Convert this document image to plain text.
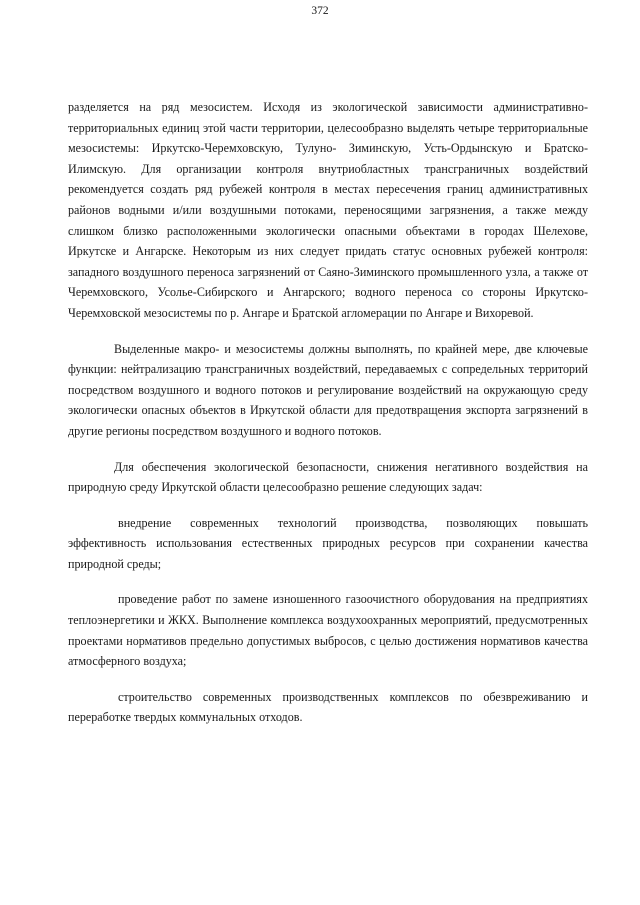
372

разделяется на ряд мезосистем. Исходя из экологической зависимости административно-территориальных единиц этой части территории, целесообразно выделять четыре территориальные мезосистемы: Иркутско-Черемховскую, Тулуно- Зиминскую, Усть-Ордынскую и Братско-Илимскую. Для организации контроля внутриобластных трансграничных воздействий рекомендуется создать ряд рубежей контроля в местах пересечения границ административных районов водными и/или воздушными потоками, переносящими загрязнения, а также между слишком близко расположенными экологически опасными объектами в городах Шелехове, Иркутске и Ангарске. Некоторым из них следует придать статус основных рубежей контроля: западного воздушного переноса загрязнений от Саяно-Зиминского промышленного узла, а также от Черемховского, Усолье-Сибирского и Ангарского; водного переноса со стороны Иркутско-Черемховской мезосистемы по р. Ангаре и Братской агломерации по Ангаре и Вихоревой.

Выделенные макро- и мезосистемы должны выполнять, по крайней мере, две ключевые функции: нейтрализацию трансграничных воздействий, передаваемых с сопредельных территорий посредством воздушного и водного потоков и регулирование воздействий на окружающую среду экологически опасных объектов в Иркутской области для предотвращения экспорта загрязнений в другие регионы посредством воздушного и водного потоков.

Для обеспечения экологической безопасности, снижения негативного воздействия на природную среду Иркутской области целесообразно решение следующих задач:

внедрение современных технологий производства, позволяющих повышать эффективность использования естественных природных ресурсов при сохранении качества природной среды;

проведение работ по замене изношенного газоочистного оборудования на предприятиях теплоэнергетики и ЖКХ. Выполнение комплекса воздухоохранных мероприятий, предусмотренных проектами нормативов предельно допустимых выбросов, с целью достижения нормативов качества атмосферного воздуха;

строительство современных производственных комплексов по обезвреживанию и переработке твердых коммунальных отходов.
